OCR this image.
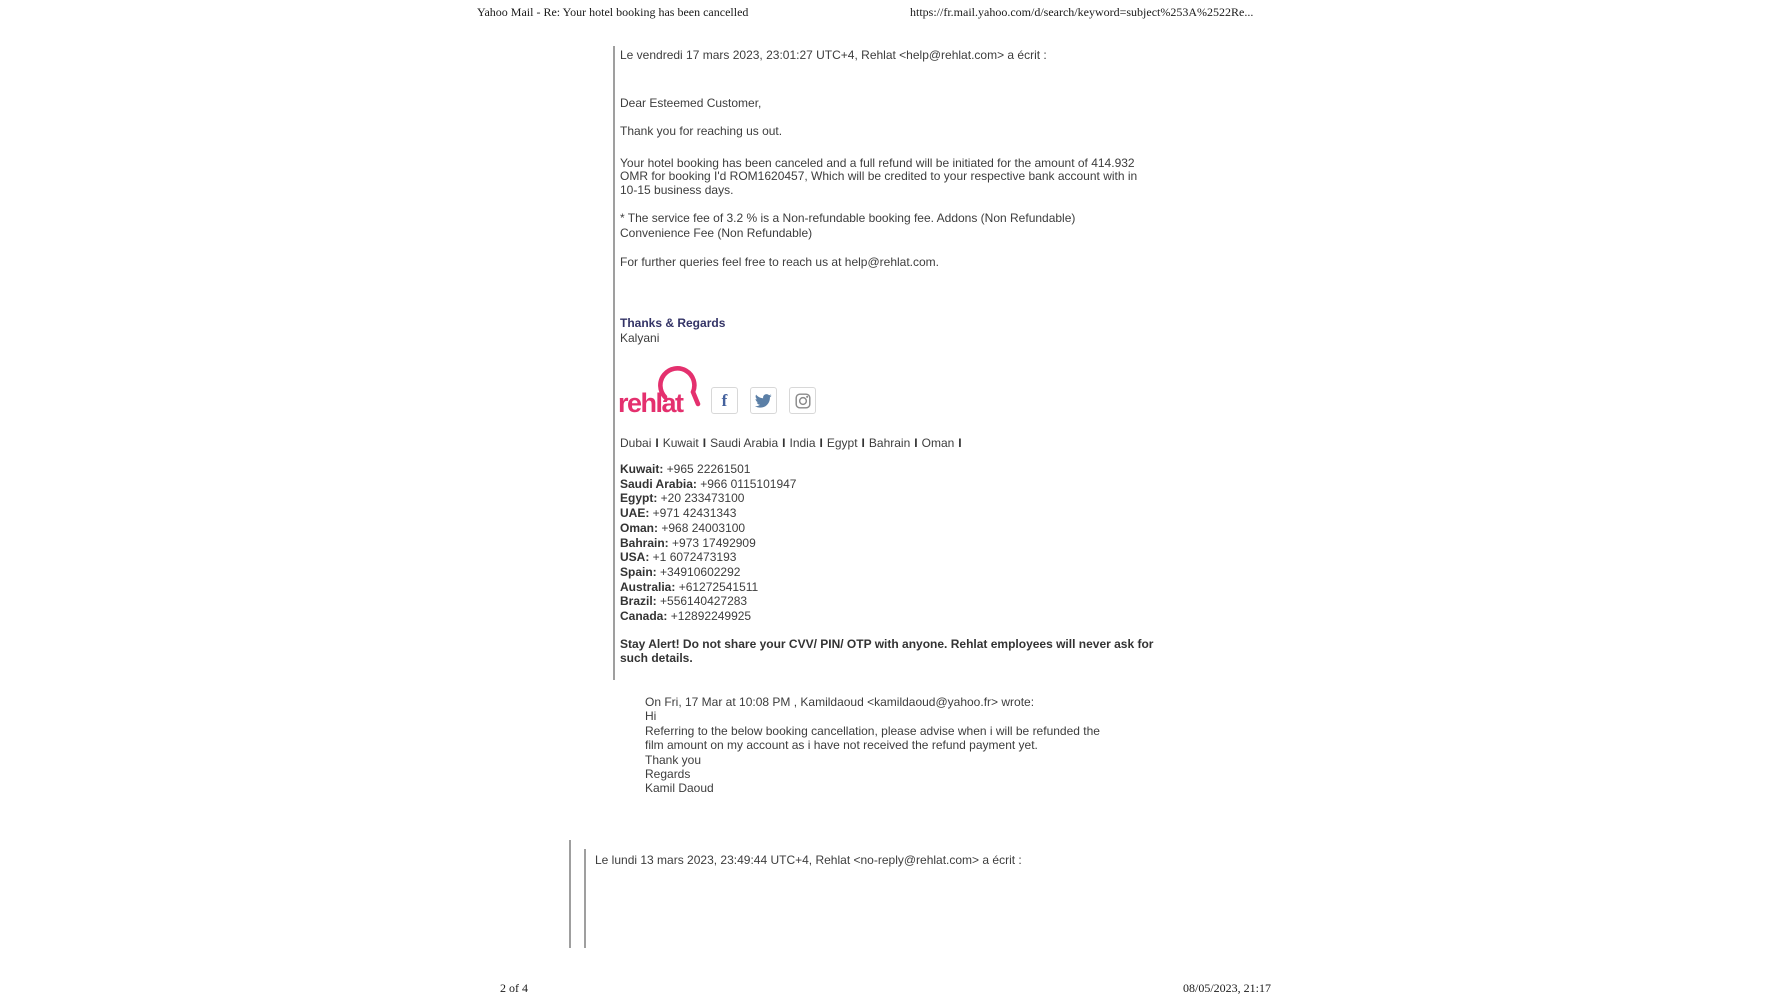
Yahoo Mail - Re: Your hotel booking has been cancelled	https://fr.mail.yahoo.com/d/search/keyword=subject%253A%2522Re...
Le vendredi 17 mars 2023, 23:01:27 UTC+4, Rehlat <help@rehlat.com> a écrit :
Dear Esteemed Customer,
Thank you for reaching us out.
Your hotel booking has been canceled and a full refund will be initiated for the amount of 414.932
OMR for booking I'd ROM1620457, Which will be credited to your respective bank account with in
10-15 business days.
* The service fee of 3.2 % is a Non-refundable booking fee. Addons (Non Refundable)
Convenience Fee (Non Refundable)
For further queries feel free to reach us at help@rehlat.com.
Thanks & Regards
Kalyani
rehlat f
Dubai I Kuwait I Saudi Arabia I India I Egypt I Bahrain I Oman I
Kuwait: +965 22261501
Saudi Arabia: +966 0115101947
Egypt: +20 233473100
UAE: +971 42431343
Oman: +968 24003100
Bahrain: +973 17492909
USA: +1 6072473193
Spain: +34910602292
Australia: +61272541511
Brazil: +556140427283
Canada: +12892249925
Stay Alert! Do not share your CVV/ PIN/ OTP with anyone. Rehlat employees will never ask for
such details.
On Fri, 17 Mar at 10:08 PM , Kamildaoud <kamildaoud@yahoo.fr> wrote:
Hi
Referring to the below booking cancellation, please advise when i will be refunded the
film amount on my account as i have not received the refund payment yet.
Thank you
Regards
Kamil Daoud
Le lundi 13 mars 2023, 23:49:44 UTC+4, Rehlat <no-reply@rehlat.com> a écrit :
2 of 4	08/05/2023, 21:17
